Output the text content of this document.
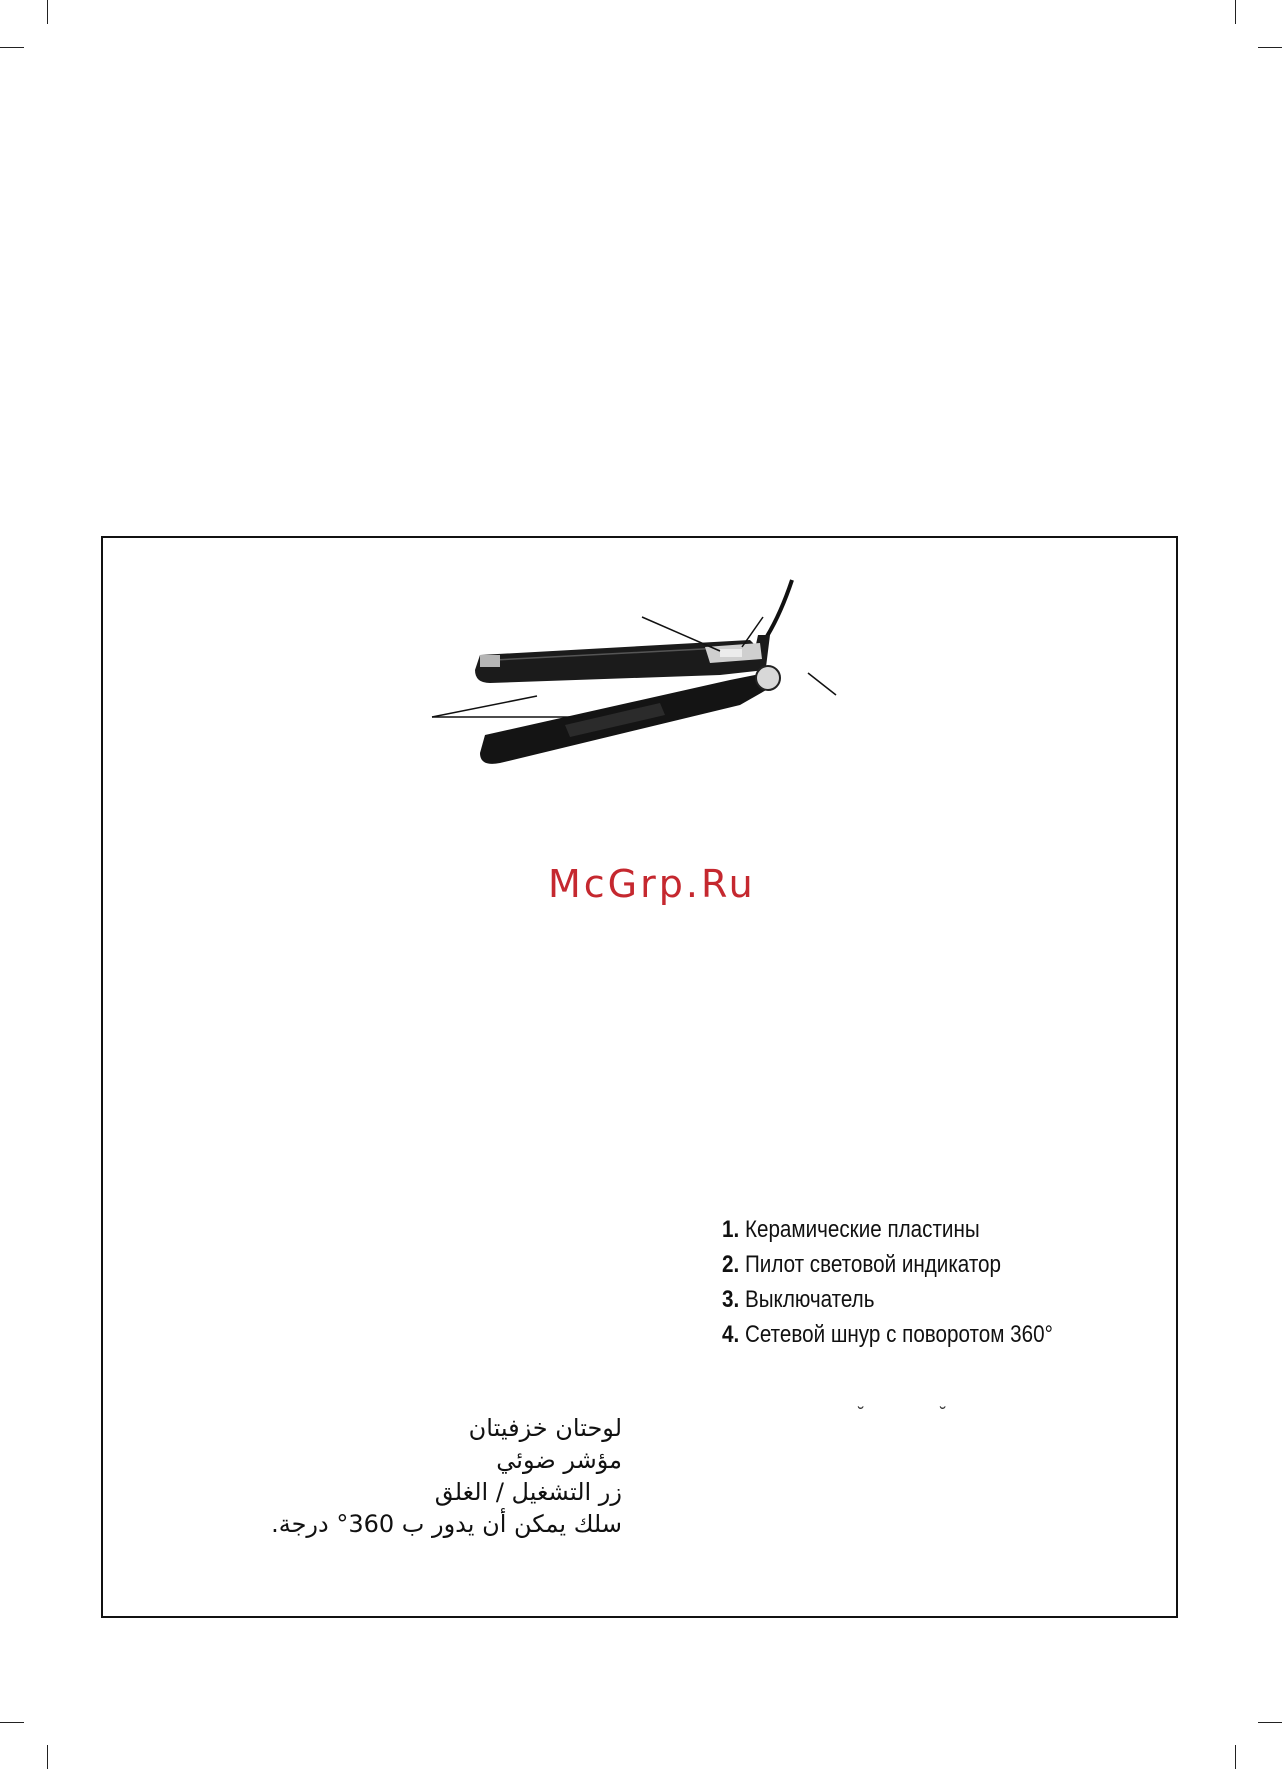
McGrp.Ru
1. Керамические пластины
2. Пилот световой индикатор
3. Выключатель
4. Сетевой шнур с поворотом 360°
˘	˘
لوحتان خزفيتان
مؤشر ضوئي
زر التشغيل / الغلق
سلك يمكن أن يدور ب 360° درجة.
